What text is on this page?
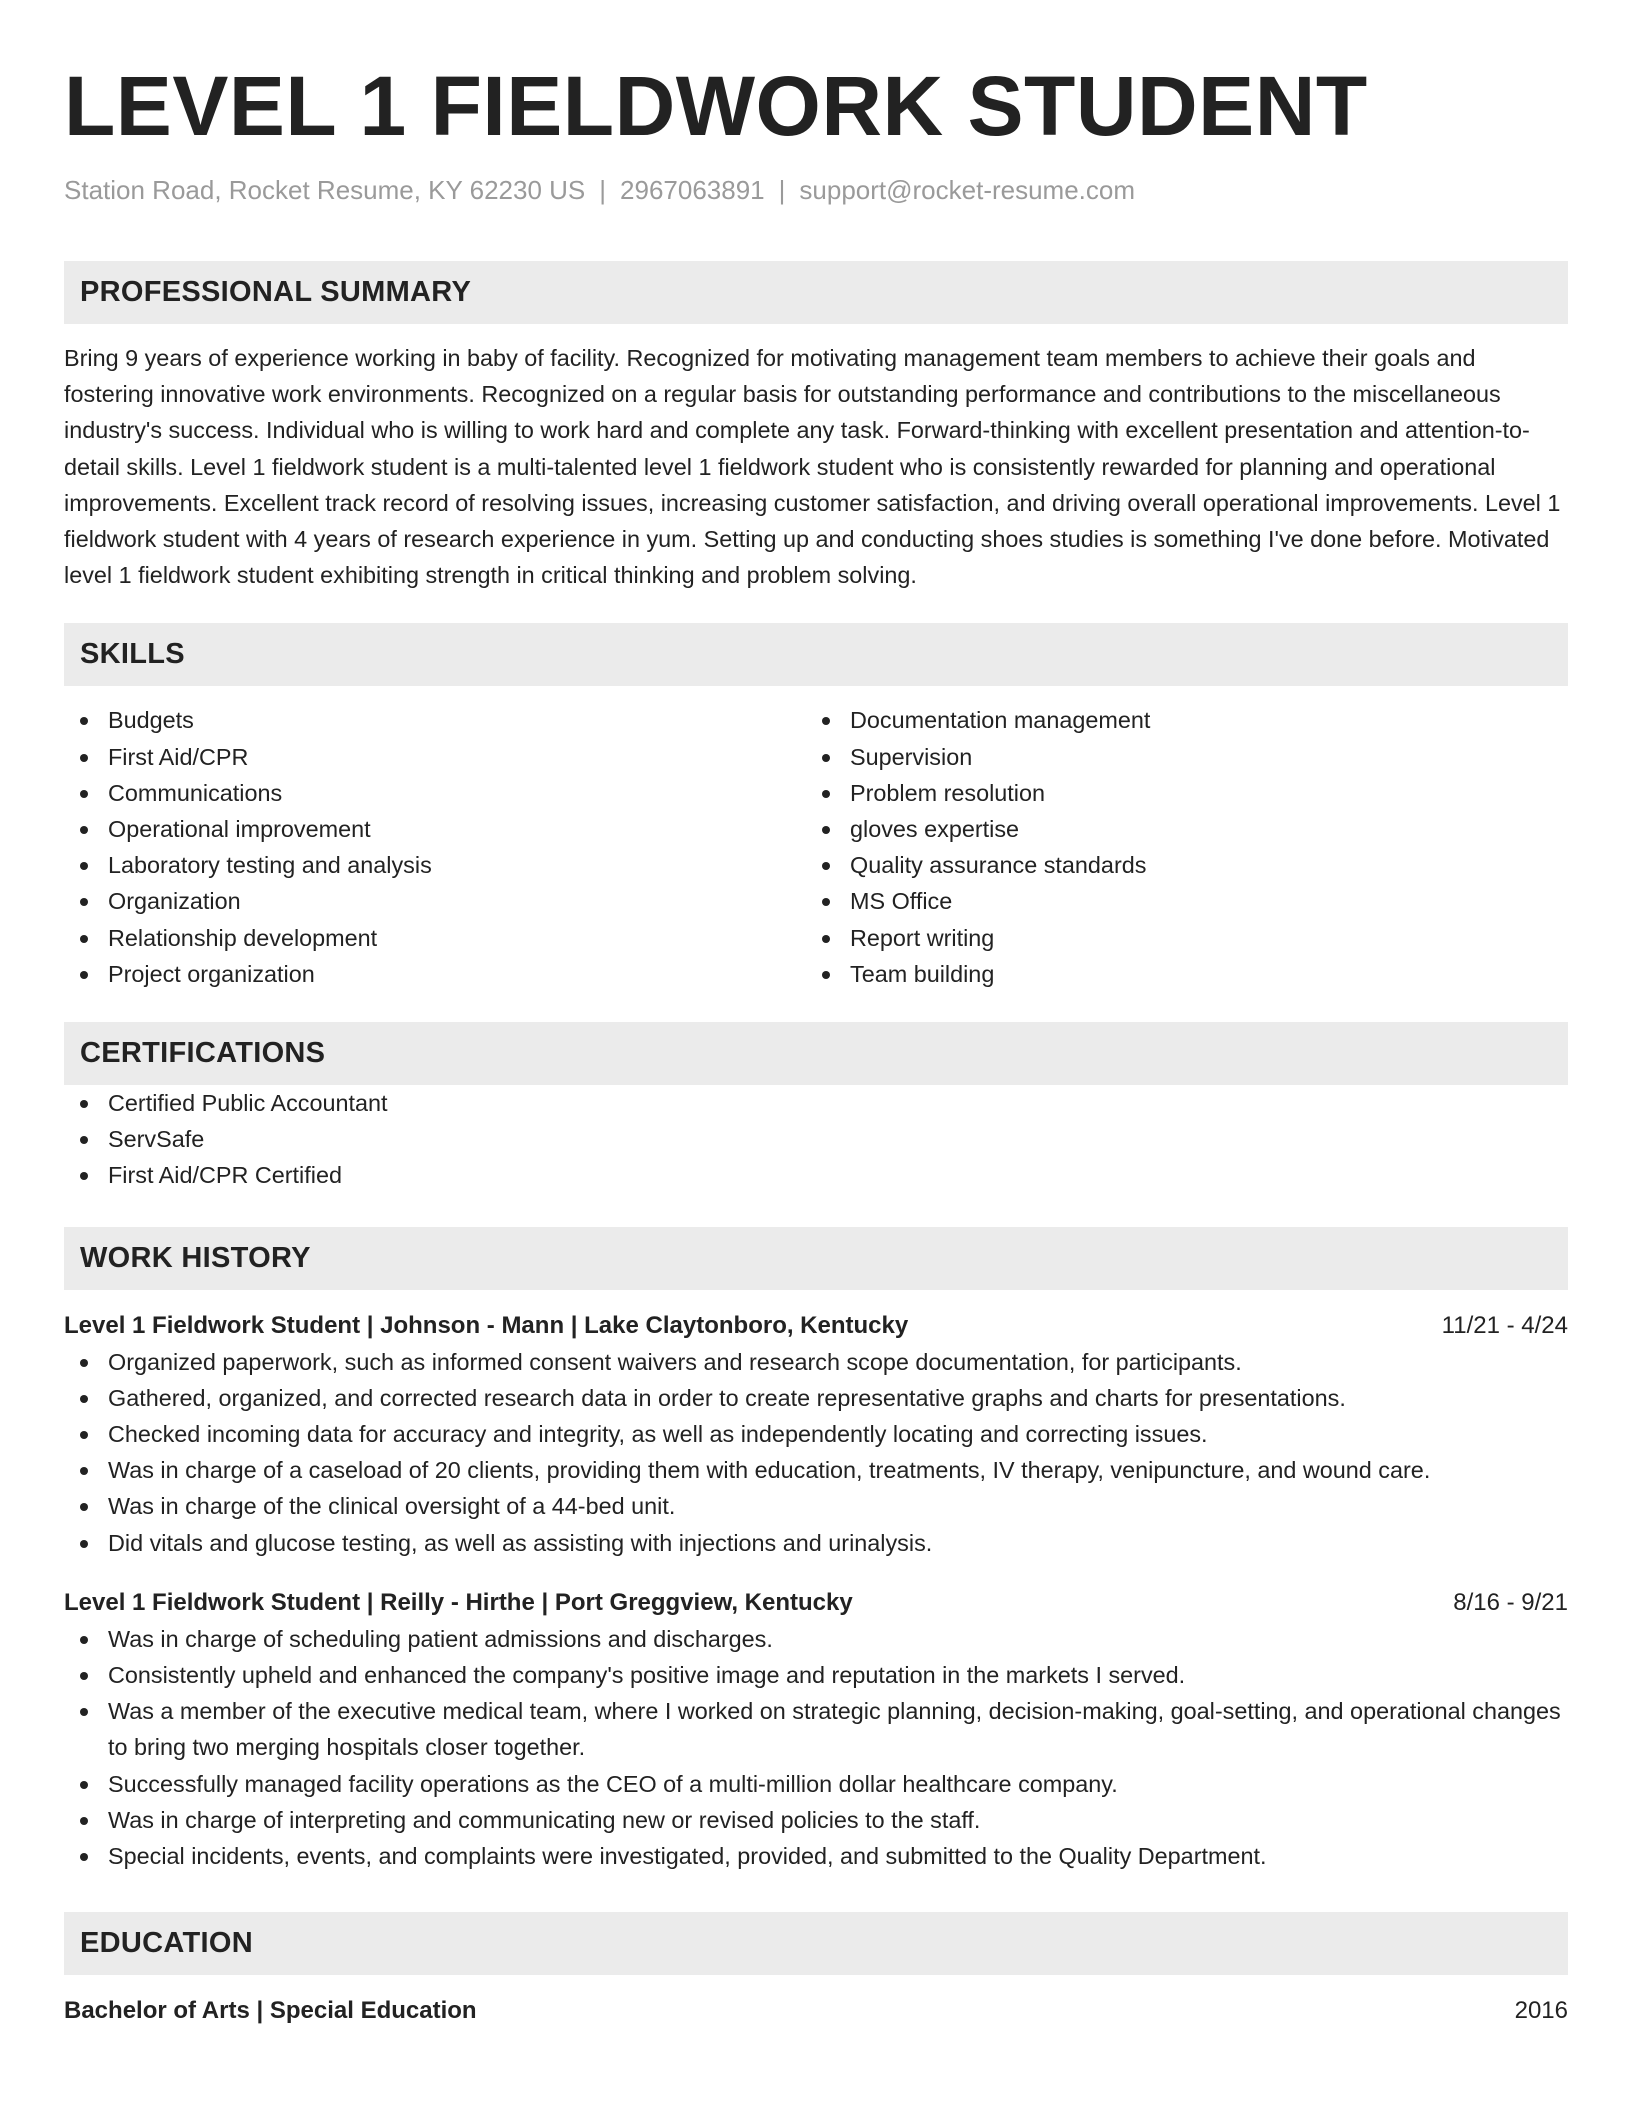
LEVEL 1 FIELDWORK STUDENT
Station Road, Rocket Resume, KY 62230 US | 2967063891 | support@rocket-resume.com
PROFESSIONAL SUMMARY
Bring 9 years of experience working in baby of facility. Recognized for motivating management team members to achieve their goals and fostering innovative work environments. Recognized on a regular basis for outstanding performance and contributions to the miscellaneous industry's success. Individual who is willing to work hard and complete any task. Forward-thinking with excellent presentation and attention-to-detail skills. Level 1 fieldwork student is a multi-talented level 1 fieldwork student who is consistently rewarded for planning and operational improvements. Excellent track record of resolving issues, increasing customer satisfaction, and driving overall operational improvements. Level 1 fieldwork student with 4 years of research experience in yum. Setting up and conducting shoes studies is something I've done before. Motivated level 1 fieldwork student exhibiting strength in critical thinking and problem solving.
SKILLS
Budgets
First Aid/CPR
Communications
Operational improvement
Laboratory testing and analysis
Organization
Relationship development
Project organization
Documentation management
Supervision
Problem resolution
gloves expertise
Quality assurance standards
MS Office
Report writing
Team building
CERTIFICATIONS
Certified Public Accountant
ServSafe
First Aid/CPR Certified
WORK HISTORY
Level 1 Fieldwork Student | Johnson - Mann | Lake Claytonboro, Kentucky	11/21 - 4/24
Organized paperwork, such as informed consent waivers and research scope documentation, for participants.
Gathered, organized, and corrected research data in order to create representative graphs and charts for presentations.
Checked incoming data for accuracy and integrity, as well as independently locating and correcting issues.
Was in charge of a caseload of 20 clients, providing them with education, treatments, IV therapy, venipuncture, and wound care.
Was in charge of the clinical oversight of a 44-bed unit.
Did vitals and glucose testing, as well as assisting with injections and urinalysis.
Level 1 Fieldwork Student | Reilly - Hirthe | Port Greggview, Kentucky	8/16 - 9/21
Was in charge of scheduling patient admissions and discharges.
Consistently upheld and enhanced the company's positive image and reputation in the markets I served.
Was a member of the executive medical team, where I worked on strategic planning, decision-making, goal-setting, and operational changes to bring two merging hospitals closer together.
Successfully managed facility operations as the CEO of a multi-million dollar healthcare company.
Was in charge of interpreting and communicating new or revised policies to the staff.
Special incidents, events, and complaints were investigated, provided, and submitted to the Quality Department.
EDUCATION
Bachelor of Arts | Special Education	2016
